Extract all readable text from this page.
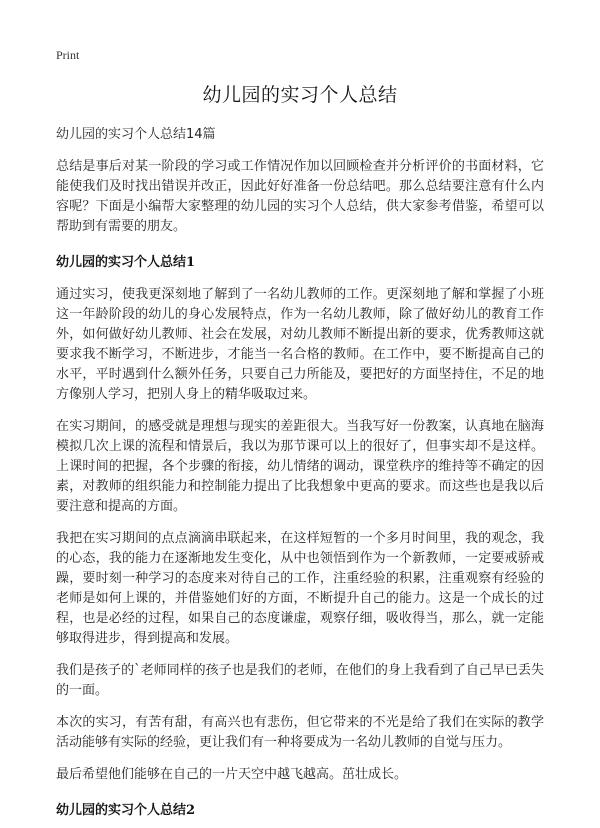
Print
幼儿园的实习个人总结

幼儿园的实习个人总结14篇

总结是事后对某一阶段的学习或工作情况作加以回顾检查并分析评价的书面材料，它能使我们及时找出错误并改正，因此好好准备一份总结吧。那么总结要注意有什么内容呢？下面是小编帮大家整理的幼儿园的实习个人总结，供大家参考借鉴，希望可以帮助到有需要的朋友。

幼儿园的实习个人总结1

通过实习，使我更深刻地了解到了一名幼儿教师的工作。更深刻地了解和掌握了小班这一年龄阶段的幼儿的身心发展特点，作为一名幼儿教师，除了做好幼儿的教育工作外，如何做好幼儿教师、社会在发展，对幼儿教师不断提出新的要求，优秀教师这就要求我不断学习，不断进步，才能当一名合格的教师。在工作中，要不断提高自己的水平，平时遇到什么额外任务，只要自己力所能及，要把好的方面坚持住，不足的地方像别人学习，把别人身上的精华吸取过来。

在实习期间，的感受就是理想与现实的差距很大。当我写好一份教案，认真地在脑海模拟几次上课的流程和情景后，我以为那节课可以上的很好了，但事实却不是这样。上课时间的把握，各个步骤的衔接，幼儿情绪的调动，课堂秩序的维持等不确定的因素，对教师的组织能力和控制能力提出了比我想象中更高的要求。而这些也是我以后要注意和提高的方面。

我把在实习期间的点点滴滴串联起来，在这样短暂的一个多月时间里，我的观念，我的心态，我的能力在逐渐地发生变化，从中也领悟到作为一个新教师，一定要戒骄戒躁，要时刻一种学习的态度来对待自己的工作，注重经验的积累，注重观察有经验的老师是如何上课的，并借鉴她们好的方面，不断提升自己的能力。这是一个成长的过程，也是必经的过程，如果自己的态度谦虚，观察仔细，吸收得当，那么，就一定能够取得进步，得到提高和发展。

我们是孩子的`老师同样的孩子也是我们的老师，在他们的身上我看到了自己早已丢失的一面。

本次的实习，有苦有甜，有高兴也有悲伤，但它带来的不光是给了我们在实际的教学活动能够有实际的经验，更让我们有一种将要成为一名幼儿教师的自觉与压力。

最后希望他们能够在自己的一片天空中越飞越高。茁壮成长。

幼儿园的实习个人总结2
